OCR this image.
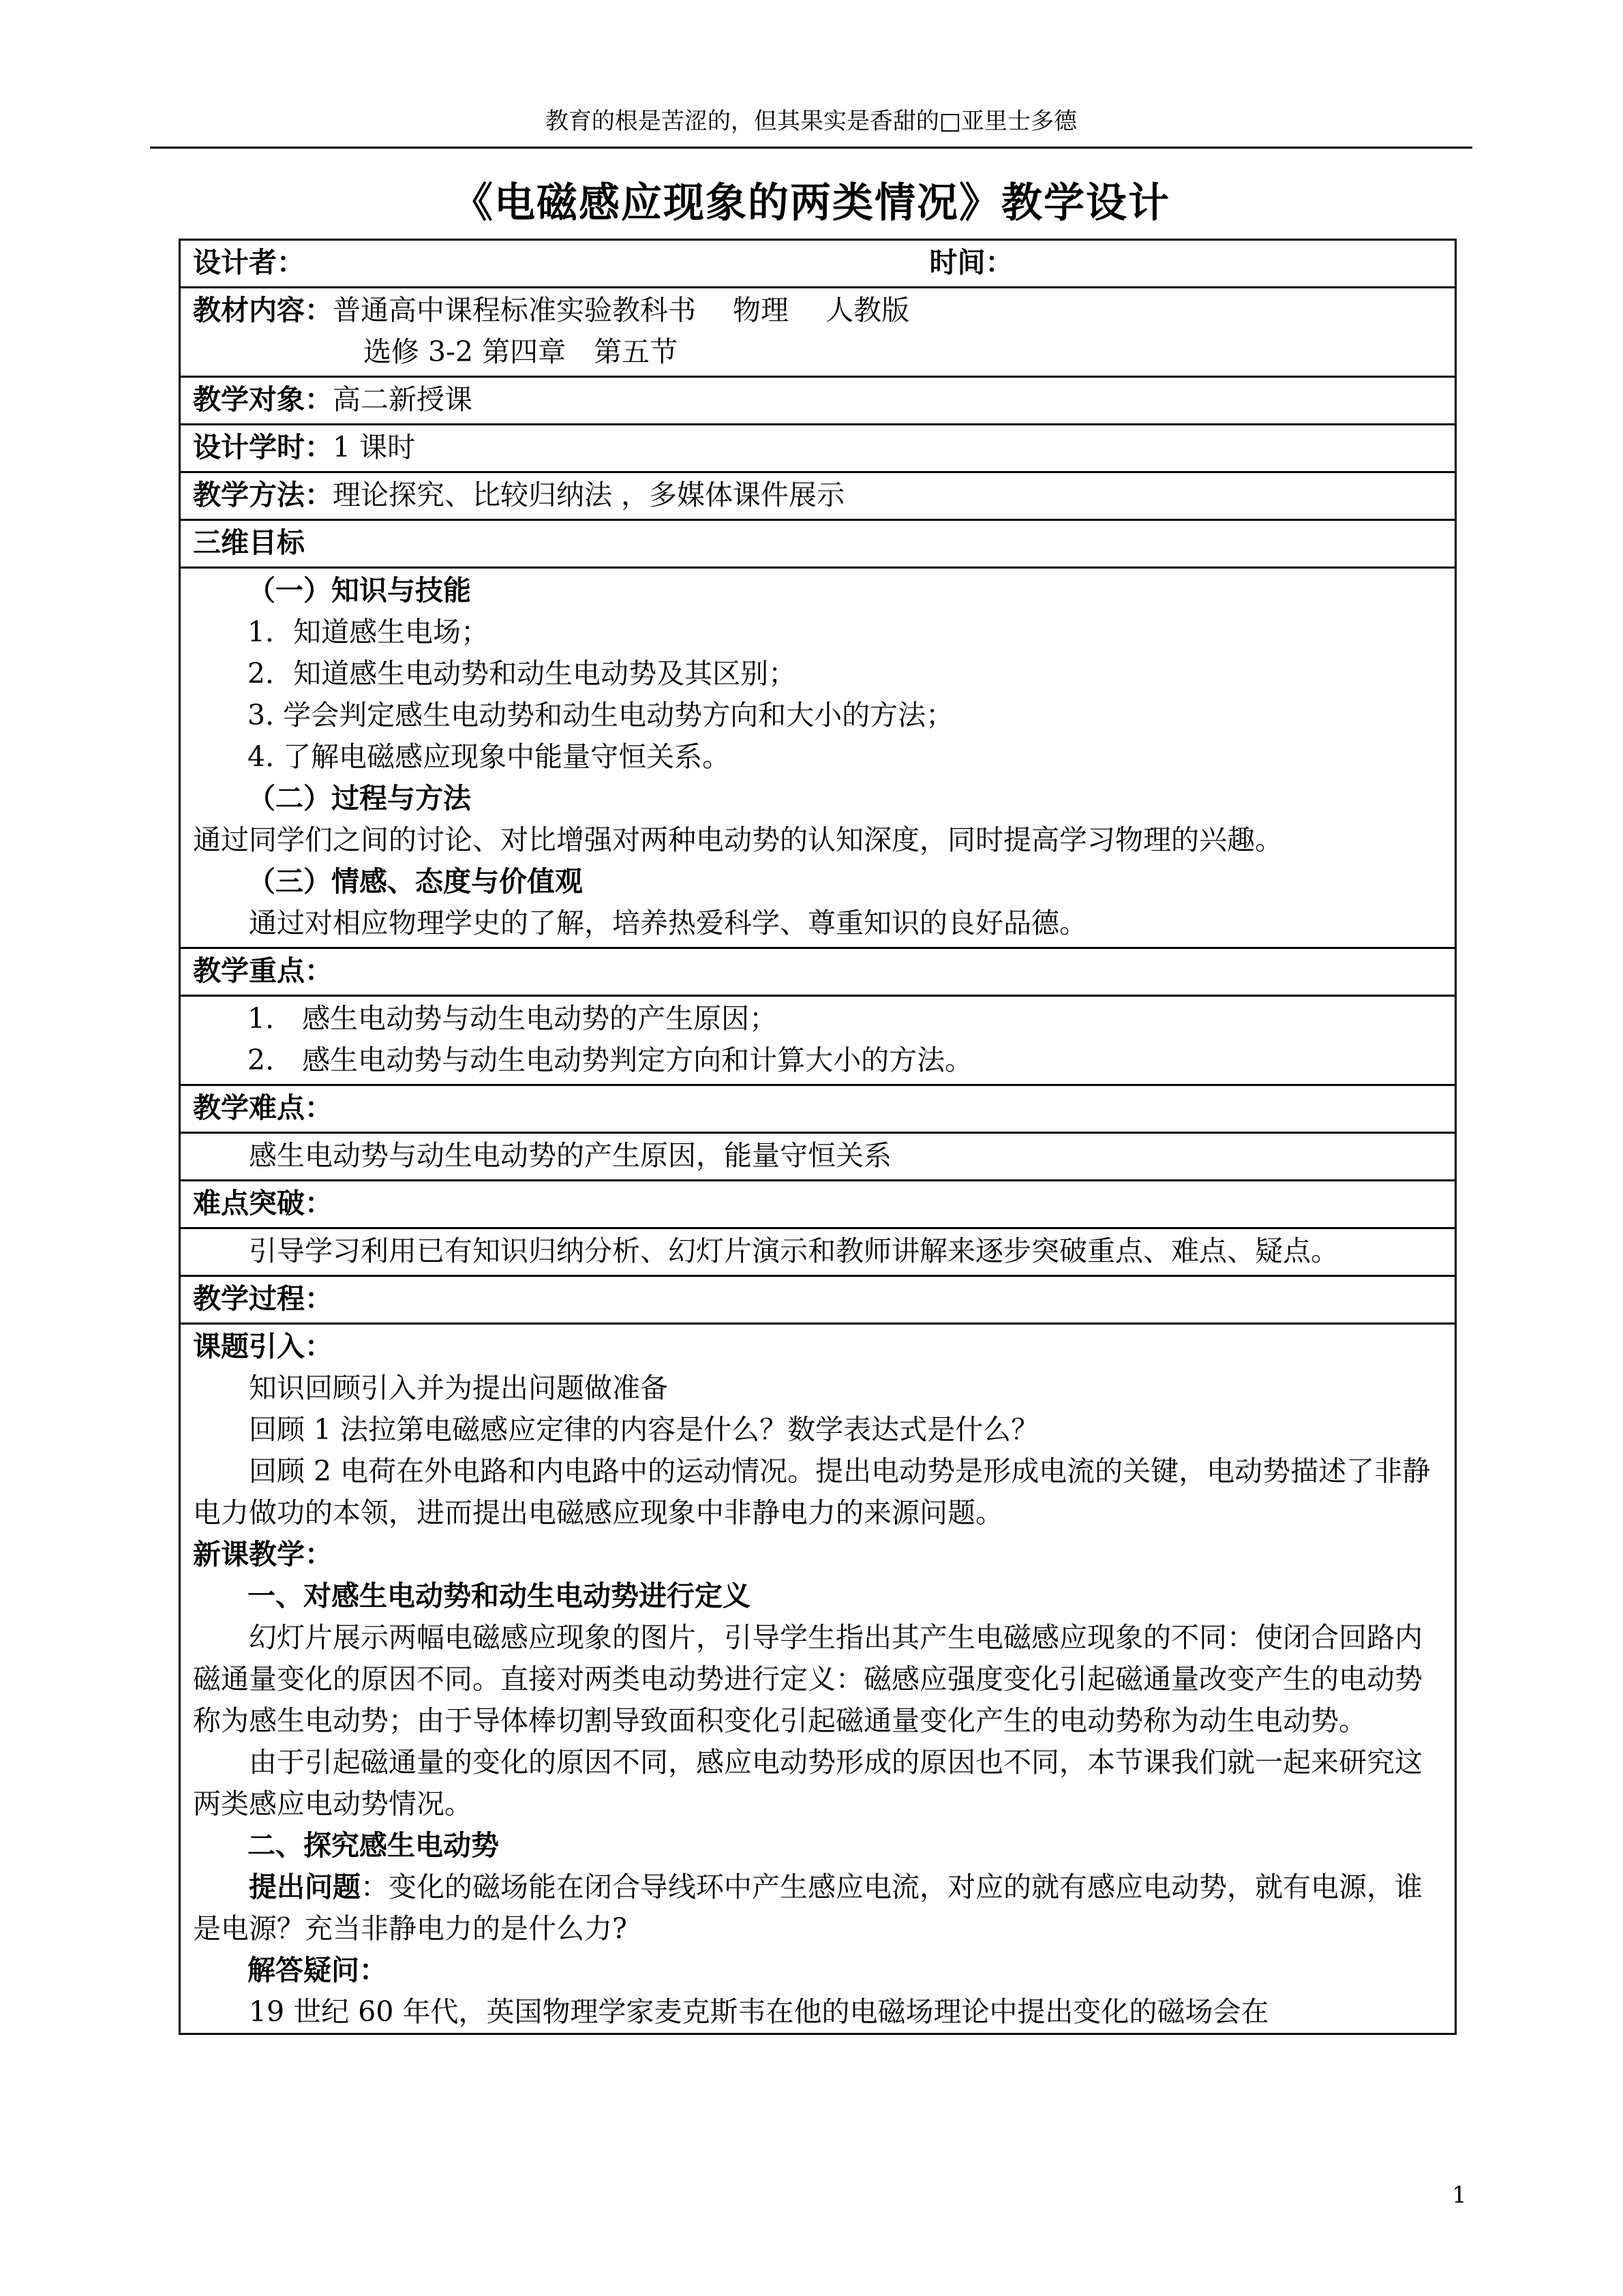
教育的根是苦涩的，但其果实是香甜的□亚里士多德
《电磁感应现象的两类情况》教学设计
设计者：	时间：

教材内容：普通高中课程标准实验教科书　 物理　 人教版
选修 3-2 第四章　第五节

教学对象：高二新授课
设计学时：1 课时
教学方法：理论探究、比较归纳法 ，多媒体课件展示
三维目标

（一）知识与技能
1．知道感生电场；
2．知道感生电动势和动生电动势及其区别；
3. 学会判定感生电动势和动生电动势方向和大小的方法；
4. 了解电磁感应现象中能量守恒关系。
（二）过程与方法
通过同学们之间的讨论、对比增强对两种电动势的认知深度，同时提高学习物理的兴趣。
（三）情感、态度与价值观
通过对相应物理学史的了解，培养热爱科学、尊重知识的良好品德。

教学重点：

1.　感生电动势与动生电动势的产生原因；
2.　感生电动势与动生电动势判定方向和计算大小的方法。

教学难点：

感生电动势与动生电动势的产生原因，能量守恒关系

难点突破：

引导学习利用已有知识归纳分析、幻灯片演示和教师讲解来逐步突破重点、难点、疑点。

教学过程：

课题引入：
知识回顾引入并为提出问题做准备
回顾 1 法拉第电磁感应定律的内容是什么？数学表达式是什么？
回顾 2 电荷在外电路和内电路中的运动情况。提出电动势是形成电流的关键，电动势描述了非静电力做功的本领，进而提出电磁感应现象中非静电力的来源问题。
新课教学：
一、对感生电动势和动生电动势进行定义
幻灯片展示两幅电磁感应现象的图片，引导学生指出其产生电磁感应现象的不同：使闭合回路内磁通量变化的原因不同。直接对两类电动势进行定义：磁感应强度变化引起磁通量改变产生的电动势称为感生电动势；由于导体棒切割导致面积变化引起磁通量变化产生的电动势称为动生电动势。
由于引起磁通量的变化的原因不同，感应电动势形成的原因也不同，本节课我们就一起来研究这两类感应电动势情况。
二、探究感生电动势
提出问题：变化的磁场能在闭合导线环中产生感应电流，对应的就有感应电动势，就有电源，谁是电源？充当非静电力的是什么力?
解答疑问：
19 世纪 60 年代，英国物理学家麦克斯韦在他的电磁场理论中提出变化的磁场会在
1
